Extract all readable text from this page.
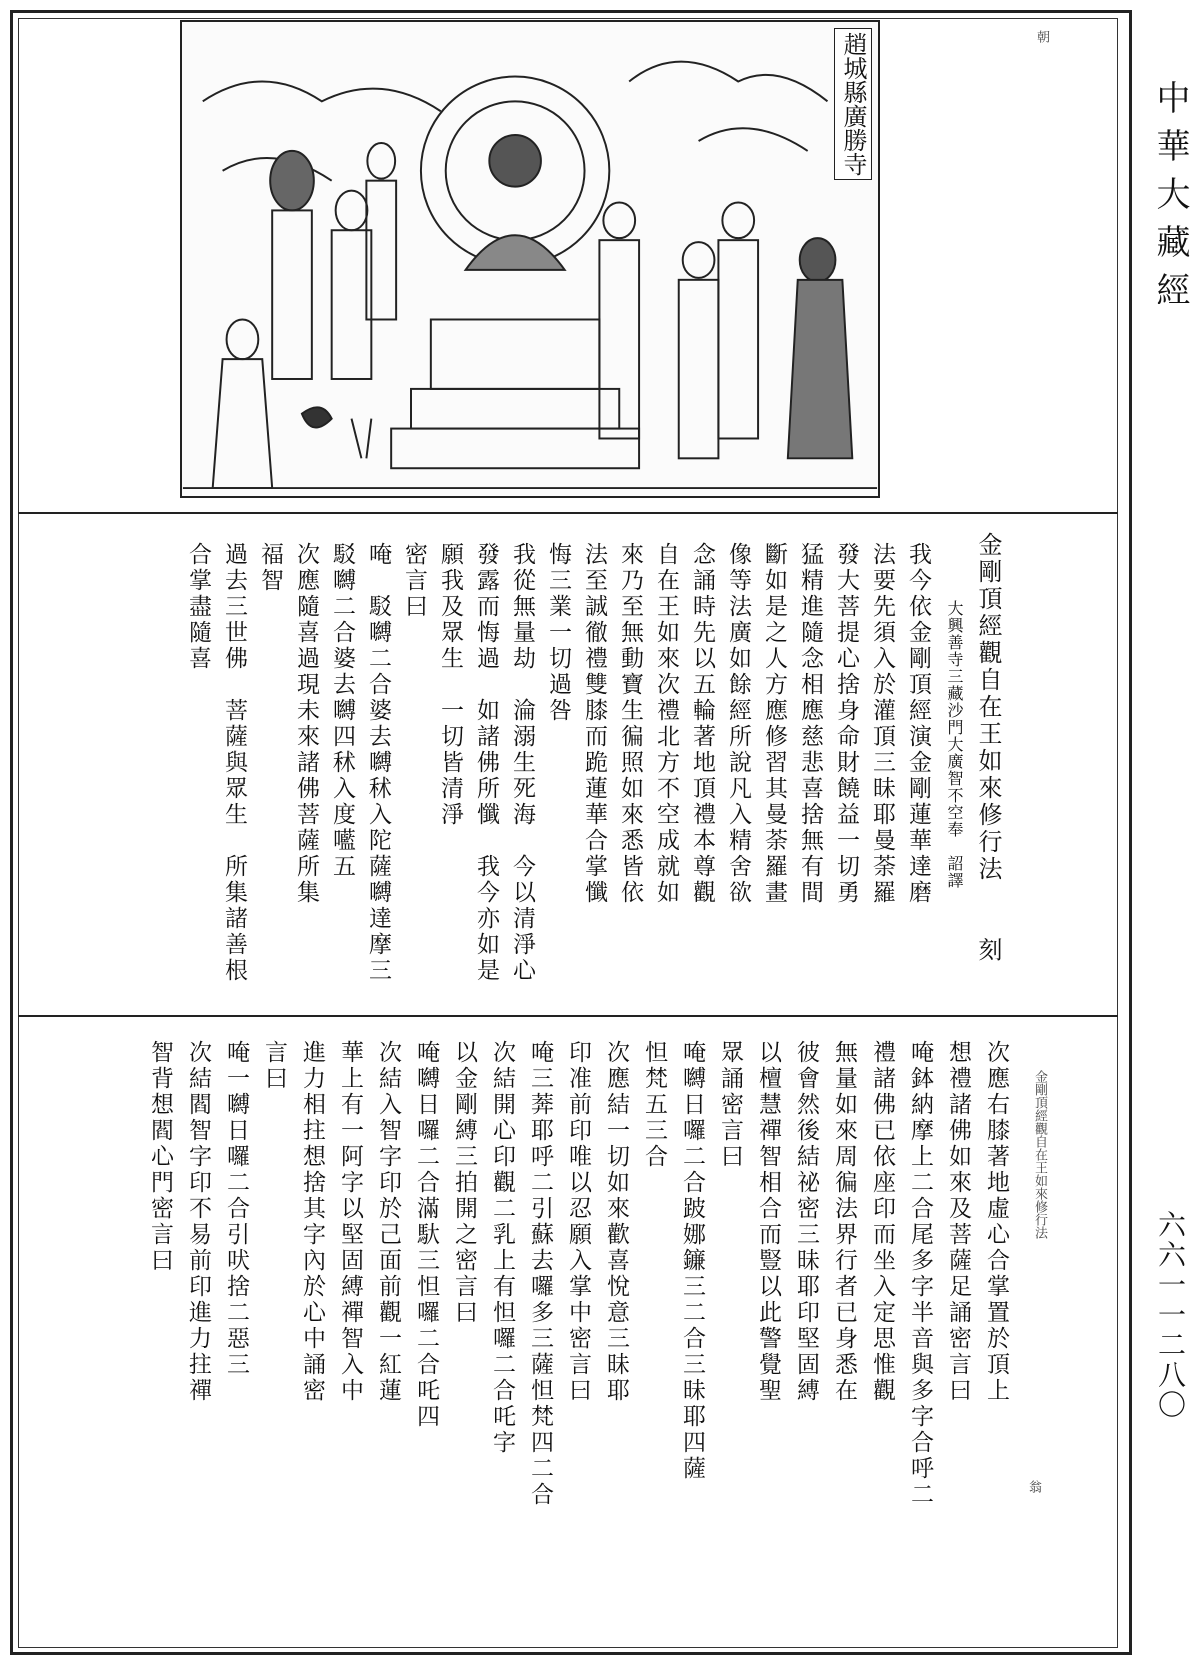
趙城縣廣勝寺	中華大藏經
六六一一二八〇
朝
金剛頂經觀自在王如來修行法
翁
金剛頂經觀自在王如來修行法　　刻
大興善寺三藏沙門大廣智不空奉　詔譯
我今依金剛頂經演金剛蓮華達磨
法要先須入於灌頂三昧耶曼荼羅
發大菩提心捨身命財饒益一切勇
猛精進隨念相應慈悲喜捨無有間
斷如是之人方應修習其曼荼羅畫
像等法廣如餘經所說凡入精舍欲
念誦時先以五輪著地頂禮本尊觀
自在王如來次禮北方不空成就如
來乃至無動寶生徧照如來悉皆依
法至誠徹禮雙膝而跪蓮華合掌懺
悔三業一切過咎
我從無量劫　淪溺生死海　今以清淨心
發露而悔過　如諸佛所懺　我今亦如是
願我及眾生　一切皆清淨
密言曰
唵　駁嚩二合婆去嚩秫入陀薩嚩達摩三
駁嚩二合婆去嚩四秫入度㘕五
次應隨喜過現未來諸佛菩薩所集
福智
過去三世佛　菩薩與眾生　所集諸善根
合掌盡隨喜
次應右膝著地虛心合掌置於頂上
想禮諸佛如來及菩薩足誦密言曰
唵鉢納摩上二合尾多字半音與多字合呼二
禮諸佛已依座印而坐入定思惟觀
無量如來周徧法界行者已身悉在
彼會然後結祕密三昧耶印堅固縛
以檀慧禪智相合而豎以此警覺聖
眾誦密言曰
唵嚩日囉二合跛娜䥥三二合三昧耶四薩
怛梵五三合
次應結一切如來歡喜悅意三昧耶
印准前印唯以忍願入掌中密言曰
唵三莾耶呼二引蘇去囉多三薩怛梵四二合
次結開心印觀二乳上有怛囉二合吒字
以金剛縛三拍開之密言曰
唵嚩日囉二合滿馱三怛囉二合吒四
次結入智字印於己面前觀一紅蓮
華上有一阿字以堅固縛禪智入中
進力相拄想捨其字內於心中誦密
言曰
唵一嚩日囉二合引吠捨二惡三
次結閻智字印不易前印進力拄禪
智背想閻心門密言曰
